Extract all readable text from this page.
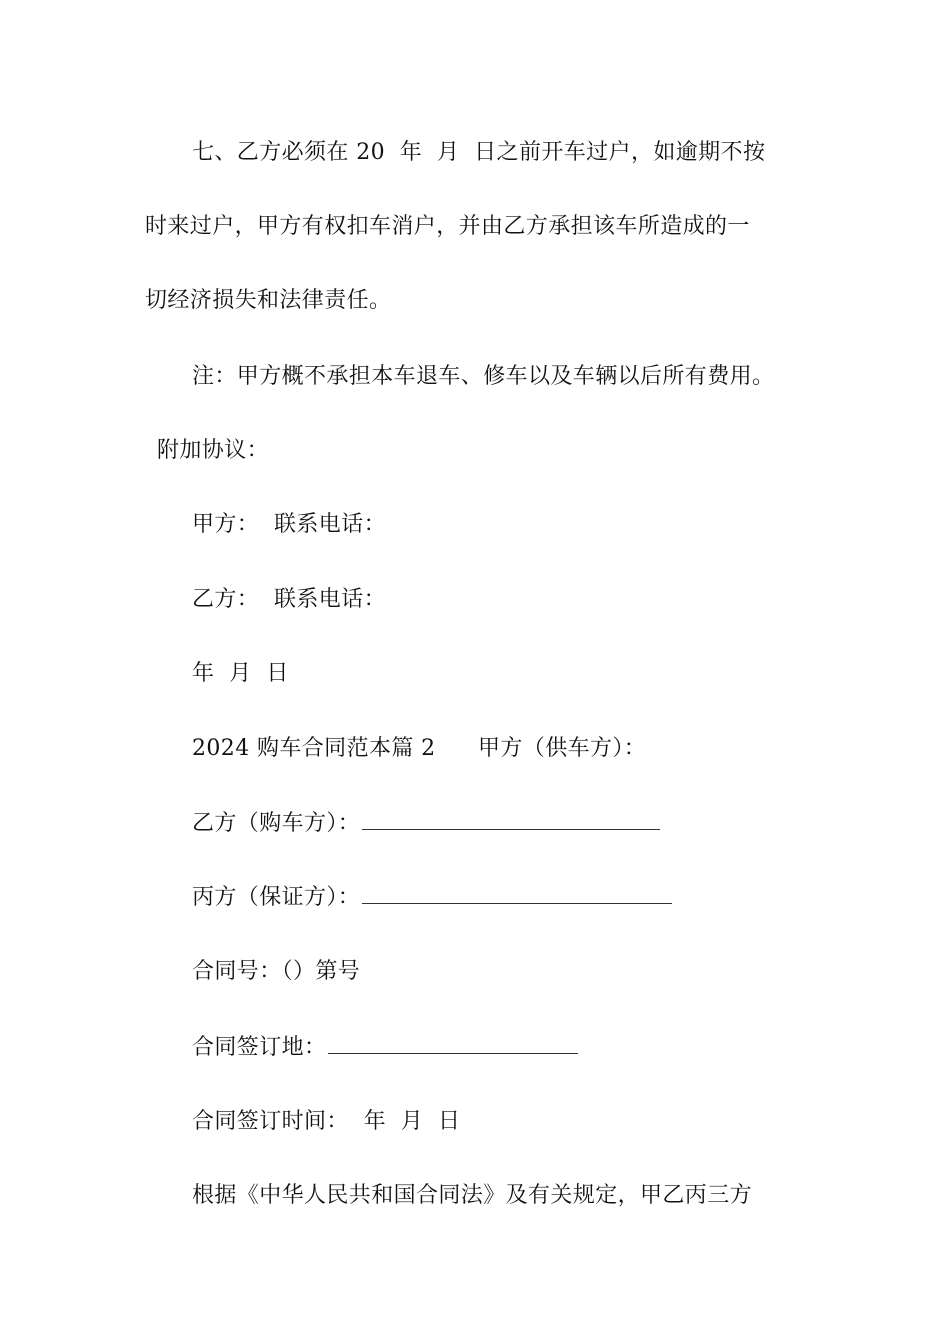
七、乙方必须在 20  年  月  日之前开车过户，如逾期不按
时来过户，甲方有权扣车消户，并由乙方承担该车所造成的一
切经济损失和法律责任。
注：甲方概不承担本车退车、修车以及车辆以后所有费用。
附加协议：
甲方：  联系电话：
乙方：  联系电话：
年  月  日
2024 购车合同范本篇 2 甲方（供车方）：
乙方（购车方）：
丙方（保证方）：
合同号：（）第号
合同签订地：
合同签订时间：  年  月  日
根据《中华人民共和国合同法》及有关规定，甲乙丙三方
